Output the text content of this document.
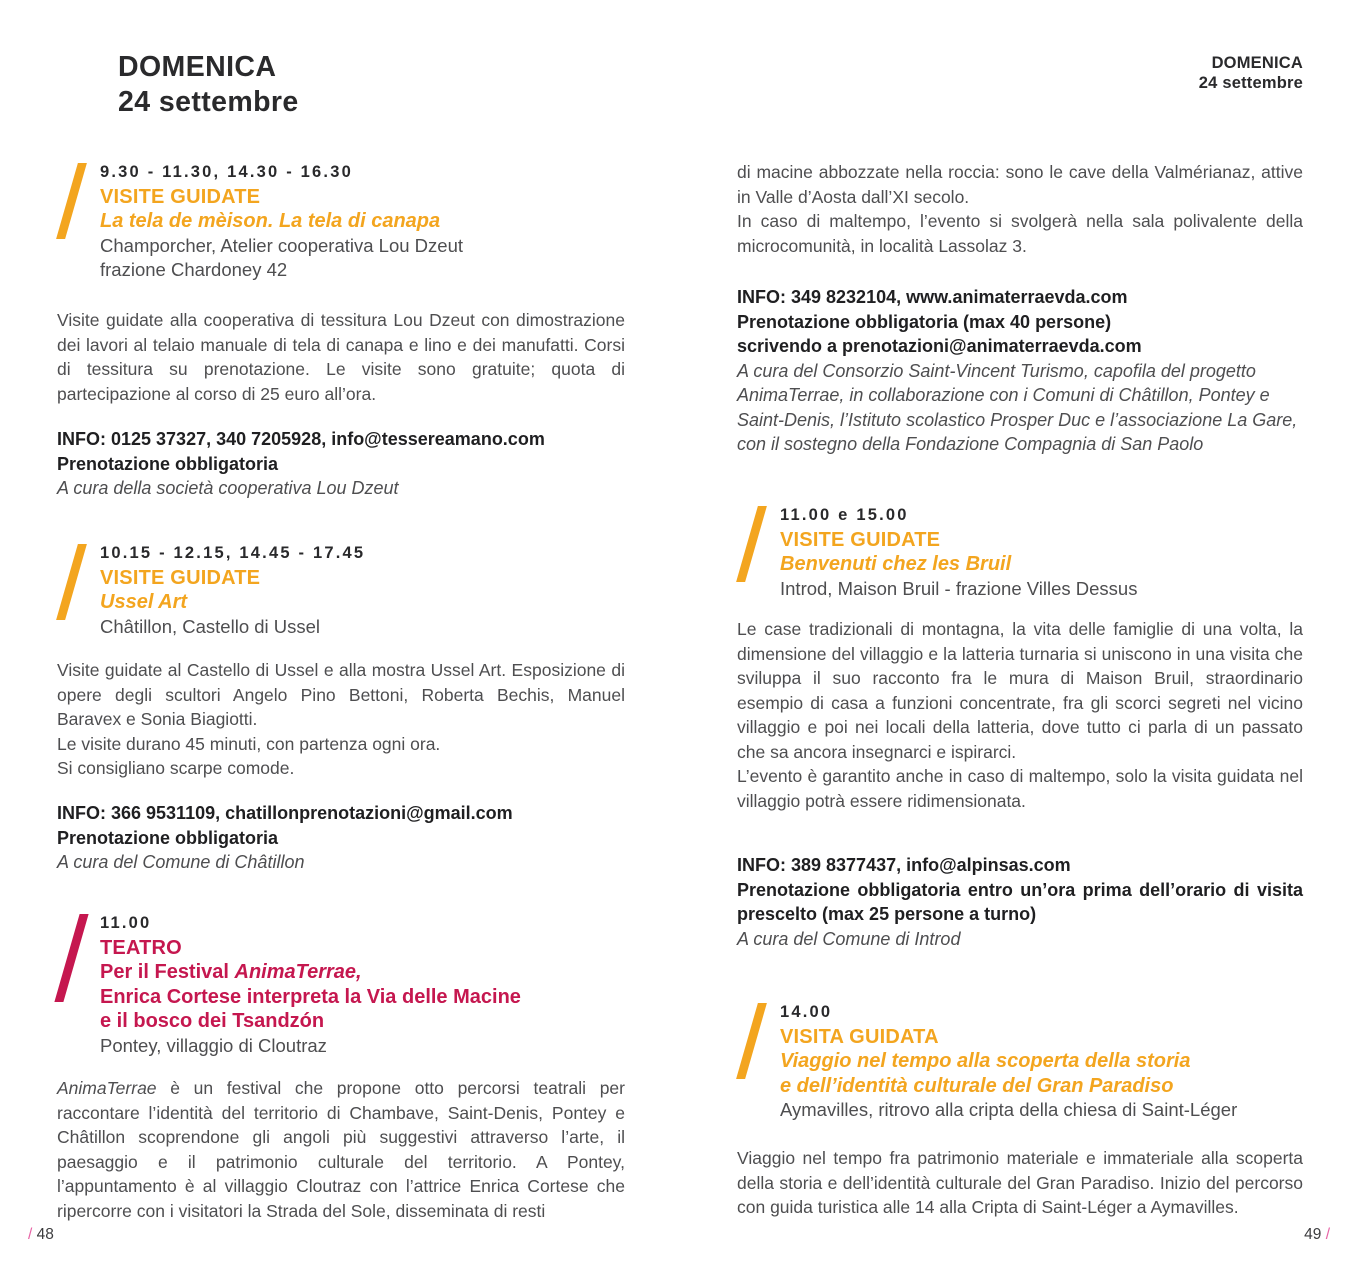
DOMENICA
24 settembre
DOMENICA
24 settembre
9.30 - 11.30, 14.30 - 16.30
VISITE GUIDATE
La tela de mèison. La tela di canapa
Champorcher, Atelier cooperativa Lou Dzeut
frazione Chardoney 42

Visite guidate alla cooperativa di tessitura Lou Dzeut con dimostrazione dei lavori al telaio manuale di tela di canapa e lino e dei manufatti. Corsi di tessitura su prenotazione. Le visite sono gratuite; quota di partecipazione al corso di 25 euro all’ora.

INFO: 0125 37327, 340 7205928, info@tessereamano.com
Prenotazione obbligatoria
A cura della società cooperativa Lou Dzeut
10.15 - 12.15, 14.45 - 17.45
VISITE GUIDATE
Ussel Art
Châtillon, Castello di Ussel

Visite guidate al Castello di Ussel e alla mostra Ussel Art. Esposizione di opere degli scultori Angelo Pino Bettoni, Roberta Bechis, Manuel Baravex e Sonia Biagiotti.

Le visite durano 45 minuti, con partenza ogni ora.

Si consigliano scarpe comode.

INFO: 366 9531109, chatillonprenotazioni@gmail.com
Prenotazione obbligatoria
A cura del Comune di Châtillon
11.00
TEATRO
Per il Festival AnimaTerrae,
Enrica Cortese interpreta la Via delle Macine
e il bosco dei Tsandzón
Pontey, villaggio di Cloutraz

AnimaTerrae è un festival che propone otto percorsi teatrali per raccontare l’identità del territorio di Chambave, Saint-Denis, Pontey e Châtillon scoprendone gli angoli più suggestivi attraverso l’arte, il paesaggio e il patrimonio culturale del territorio. A Pontey, l’appuntamento è al villaggio Cloutraz con l’attrice Enrica Cortese che ripercorre con i visitatori la Strada del Sole, disseminata di resti

/ 48

di macine abbozzate nella roccia: sono le cave della Valmérianaz, attive in Valle d’Aosta dall’XI secolo.

In caso di maltempo, l’evento si svolgerà nella sala polivalente della microcomunità, in località Lassolaz 3.

INFO: 349 8232104, www.animaterraevda.com
Prenotazione obbligatoria (max 40 persone)
scrivendo a prenotazioni@animaterraevda.com
A cura del Consorzio Saint-Vincent Turismo, capofila del progetto AnimaTerrae, in collaborazione con i Comuni di Châtillon, Pontey e Saint-Denis, l’Istituto scolastico Prosper Duc e l’associazione La Gare, con il sostegno della Fondazione Compagnia di San Paolo
11.00 e 15.00
VISITE GUIDATE
Benvenuti chez les Bruil
Introd, Maison Bruil - frazione Villes Dessus

Le case tradizionali di montagna, la vita delle famiglie di una volta, la dimensione del villaggio e la latteria turnaria si uniscono in una visita che sviluppa il suo racconto fra le mura di Maison Bruil, straordinario esempio di casa a funzioni concentrate, fra gli scorci segreti nel vicino villaggio e poi nei locali della latteria, dove tutto ci parla di un passato che sa ancora insegnarci e ispirarci.

L’evento è garantito anche in caso di maltempo, solo la visita guidata nel villaggio potrà essere ridimensionata.

INFO: 389 8377437, info@alpinsas.com
Prenotazione obbligatoria entro un’ora prima dell’orario di visita prescelto (max 25 persone a turno)
A cura del Comune di Introd
14.00
VISITA GUIDATA
Viaggio nel tempo alla scoperta della storia
e dell’identità culturale del Gran Paradiso
Aymavilles, ritrovo alla cripta della chiesa di Saint-Léger

Viaggio nel tempo fra patrimonio materiale e immateriale alla scoperta della storia e dell’identità culturale del Gran Paradiso. Inizio del percorso con guida turistica alle 14 alla Cripta di Saint-Léger a Aymavilles.

49 /
